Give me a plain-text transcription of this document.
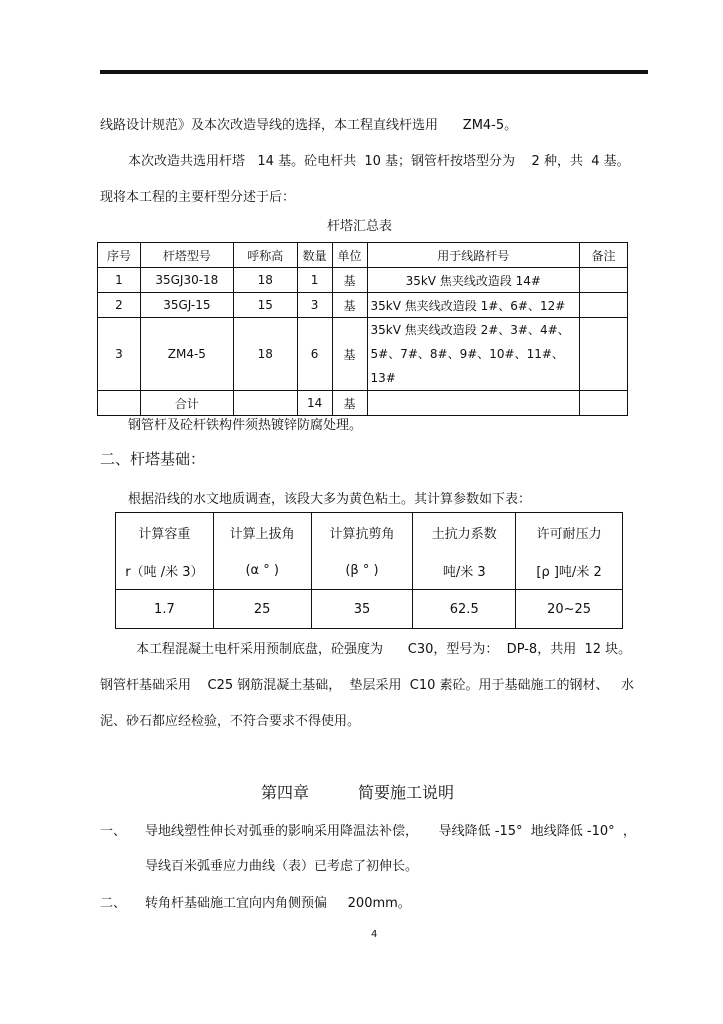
线路设计规范》及本次改造导线的选择，本工程直线杆选用      ZM4-5。
本次改造共选用杆塔   14 基。砼电杆共  10 基；钢管杆按塔型分为    2 种，共  4 基。
现将本工程的主要杆型分述于后：
杆塔汇总表
序号	杆塔型号	呼称高	数量	单位	用于线路杆号	备注
1	35GJ30-18	18	1	基	35kV 焦夹线改造段 14#	
2	35GJ-15	15	3	基	35kV 焦夹线改造段 1#、6#、12#	
3	ZM4-5	18	6	基	35kV 焦夹线改造段 2#、3#、4#、
5#、7#、8#、9#、10#、11#、13#	

	合计		14	基		
钢管杆及砼杆铁构件须热镀锌防腐处理。
二、杆塔基础：
根据沿线的水文地质调查，该段大多为黄色粘土。其计算参数如下表：
计算容重	计算上拔角	计算抗剪角	土抗力系数	许可耐压力
r（吨 /米 3）	(α ° )	(β ° )	吨/米 3	[ρ ]吨/米 2
1.7	25	35	62.5	20~25
本工程混凝土电杆采用预制底盘，砼强度为      C30，型号为：  DP-8，共用  12 块。
钢管杆基础采用    C25 钢筋混凝土基础，  垫层采用  C10 素砼。用于基础施工的钢材、   水
泥、砂石都应经检验，不符合要求不得使用。
第四章	简要施工说明
一、 导地线塑性伸长对弧垂的影响采用降温法补偿，     导线降低 -15°  地线降低 -10°  ，
导线百米弧垂应力曲线（表）已考虑了初伸长。
二、 转角杆基础施工宜向内角侧预偏     200mm。
4
